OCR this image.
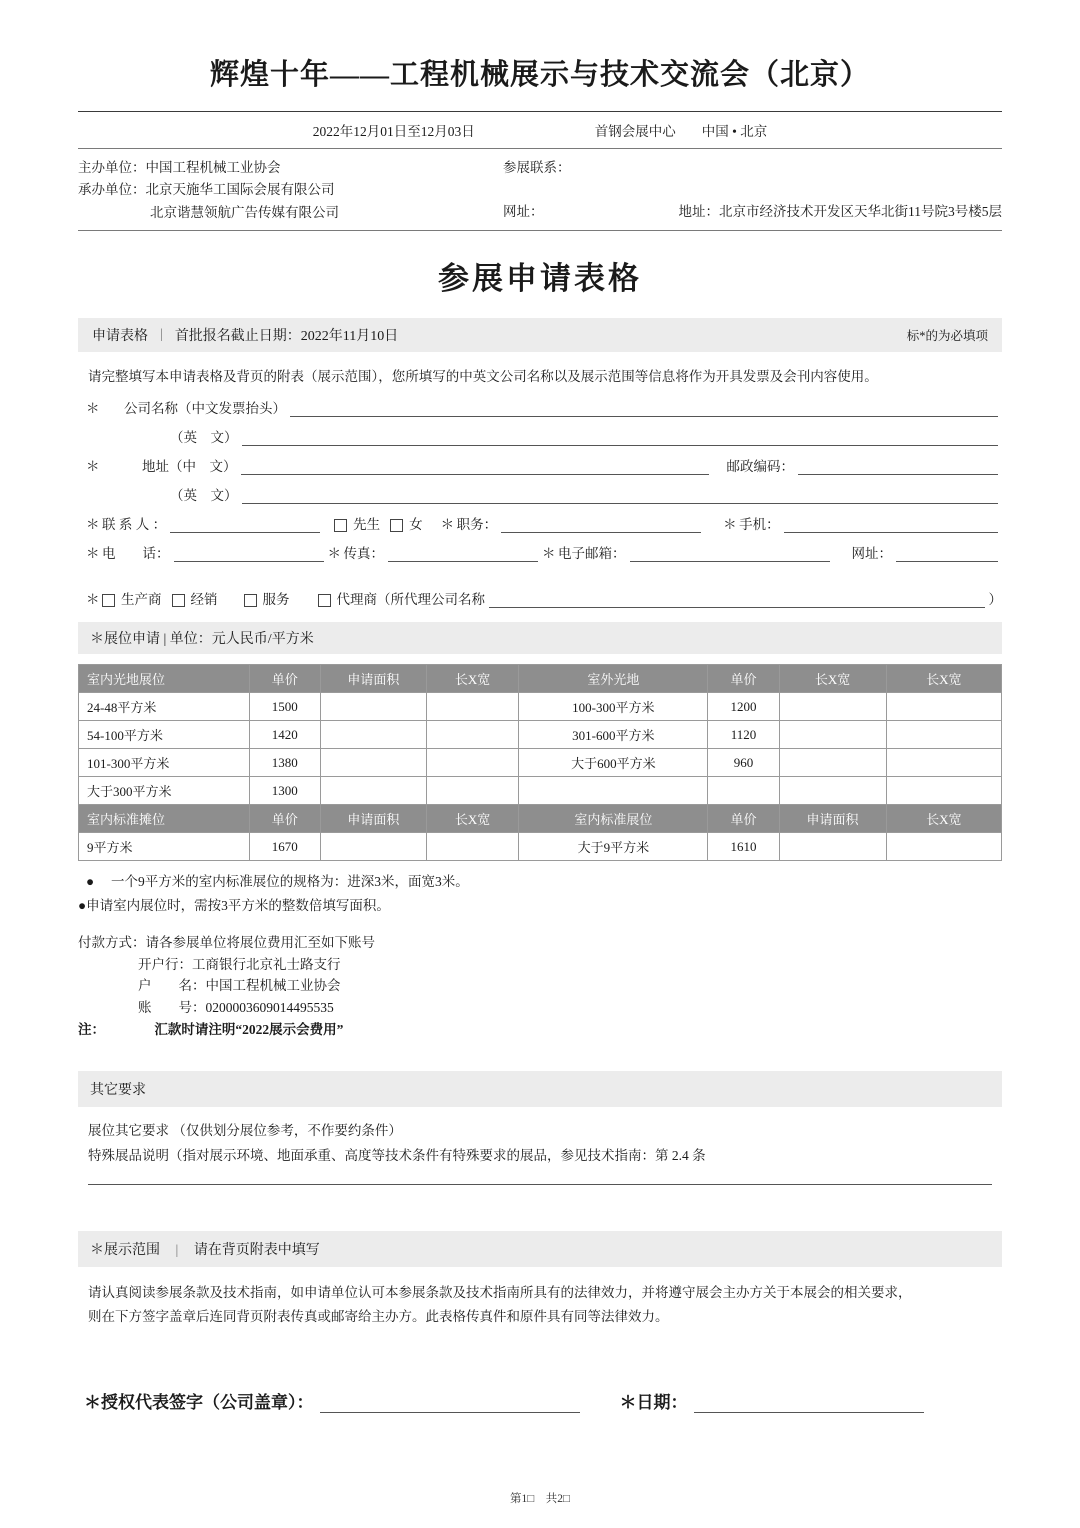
辉煌十年——工程机械展示与技术交流会（北京）
2022年12月01日至12月03日	首钢会展中心 中国 • 北京
主办单位：中国工程机械工业协会
承办单位：北京天施华工国际会展有限公司
北京谐慧领航广告传媒有限公司
参展联系：
网址：	地址：北京市经济技术开发区天华北街11号院3号楼5层
参展申请表格
申请表格 | 首批报名截止日期：2022年11月10日	标*的为必填项
请完整填写本申请表格及背页的附表（展示范围），您所填写的中英文公司名称以及展示范围等信息将作为开具发票及会刊内容使用。
＊ 公司名称（中文发票抬头）
（英　文）
＊	地址（中　文）	邮政编码：
（英　文）
＊ 联 系 人 ：	先生 女 ＊ 职务：	＊ 手机：
＊ 电　　话：	＊ 传真：	＊ 电子邮箱：	网址：
＊ 生产商 经销	服务	代理商（所代理公司名称	）
＊展位申请 | 单位：元人民币/平方米
室内光地展位	单价	申请面积	长X宽	室外光地	单价	长X宽	长X宽
24-48平方米	1500			100-300平方米	1200		
54-100平方米	1420			301-600平方米	1120		
101-300平方米	1380			大于600平方米	960		
大于300平方米	1300						
室内标准摊位	单价	申请面积	长X宽	室内标准展位	单价	申请面积	长X宽
9平方米	1670			大于9平方米	1610		
● 　一个9平方米的室内标准展位的规格为：进深3米，面宽3米。
●申请室内展位时，需按3平方米的整数倍填写面积。
付款方式：请各参展单位将展位费用汇至如下账号
开户行：工商银行北京礼士路支行
户　　名：中国工程机械工业协会
账　　号：0200003609014495535
注：	汇款时请注明“2022展示会费用”
其它要求
展位其它要求 （仅供划分展位参考，不作要约条件）
特殊展品说明（指对展示环境、地面承重、高度等技术条件有特殊要求的展品，参见技术指南：第 2.4 条
＊展示范围 | 请在背页附表中填写
请认真阅读参展条款及技术指南，如申请单位认可本参展条款及技术指南所具有的法律效力，并将遵守展会主办方关于本展会的相关要求，
则在下方签字盖章后连同背页附表传真或邮寄给主办方。此表格传真件和原件具有同等法律效力。
＊授权代表签字（公司盖章）：	＊日期：
第1□　共2□
